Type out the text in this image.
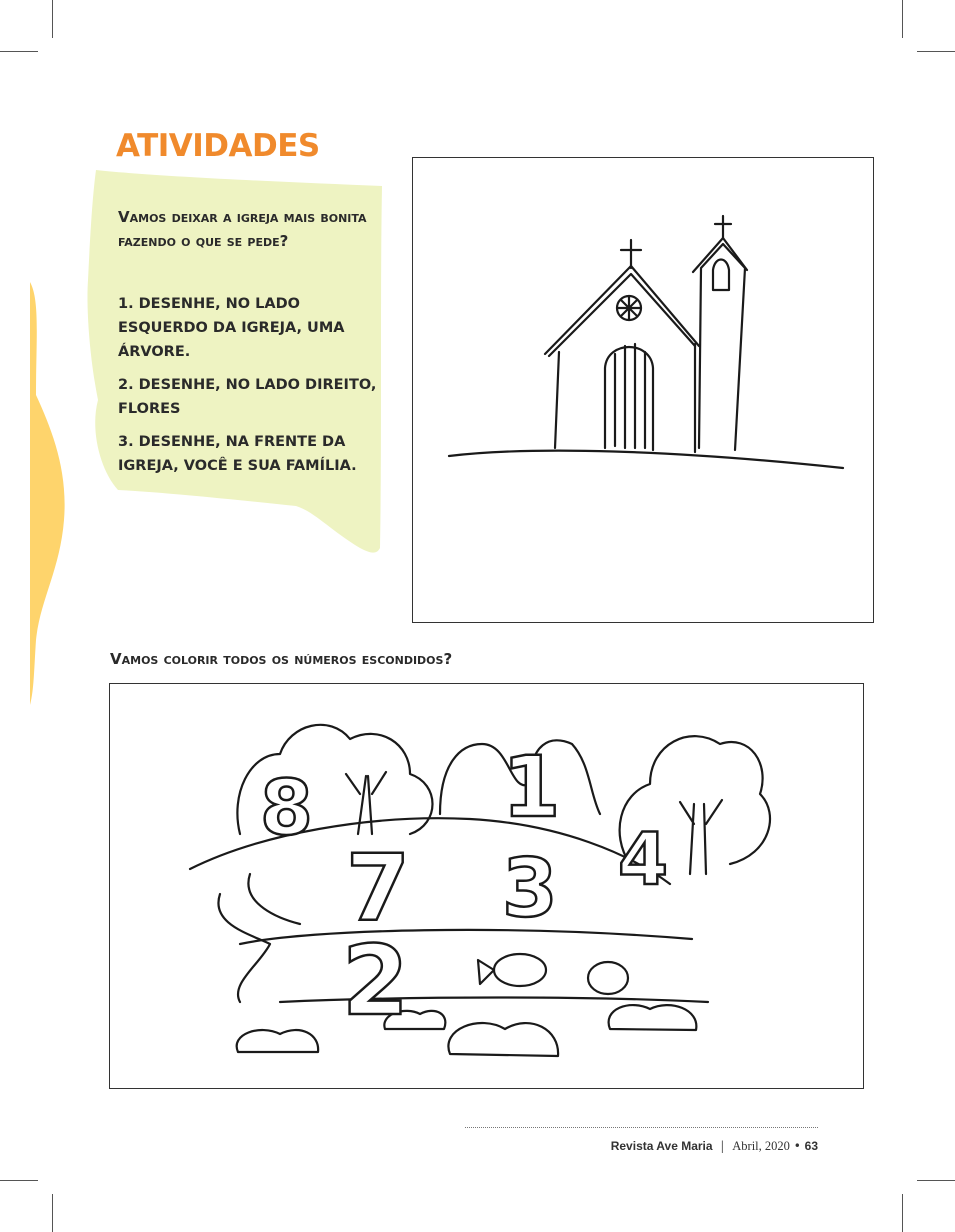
ATIVIDADES
Vamos deixar a igreja mais bonita fazendo o que se pede?
1. DESENHE, NO LADO ESQUERDO DA IGREJA, UMA ÁRVORE.
2. DESENHE, NO LADO DIREITO, FLORES
3. DESENHE, NA FRENTE DA IGREJA, VOCÊ E SUA FAMÍLIA.
Vamos colorir todos os números escondidos?
8 1
4
7 3
2
Revista Ave Maria | Abril, 2020 • 63
